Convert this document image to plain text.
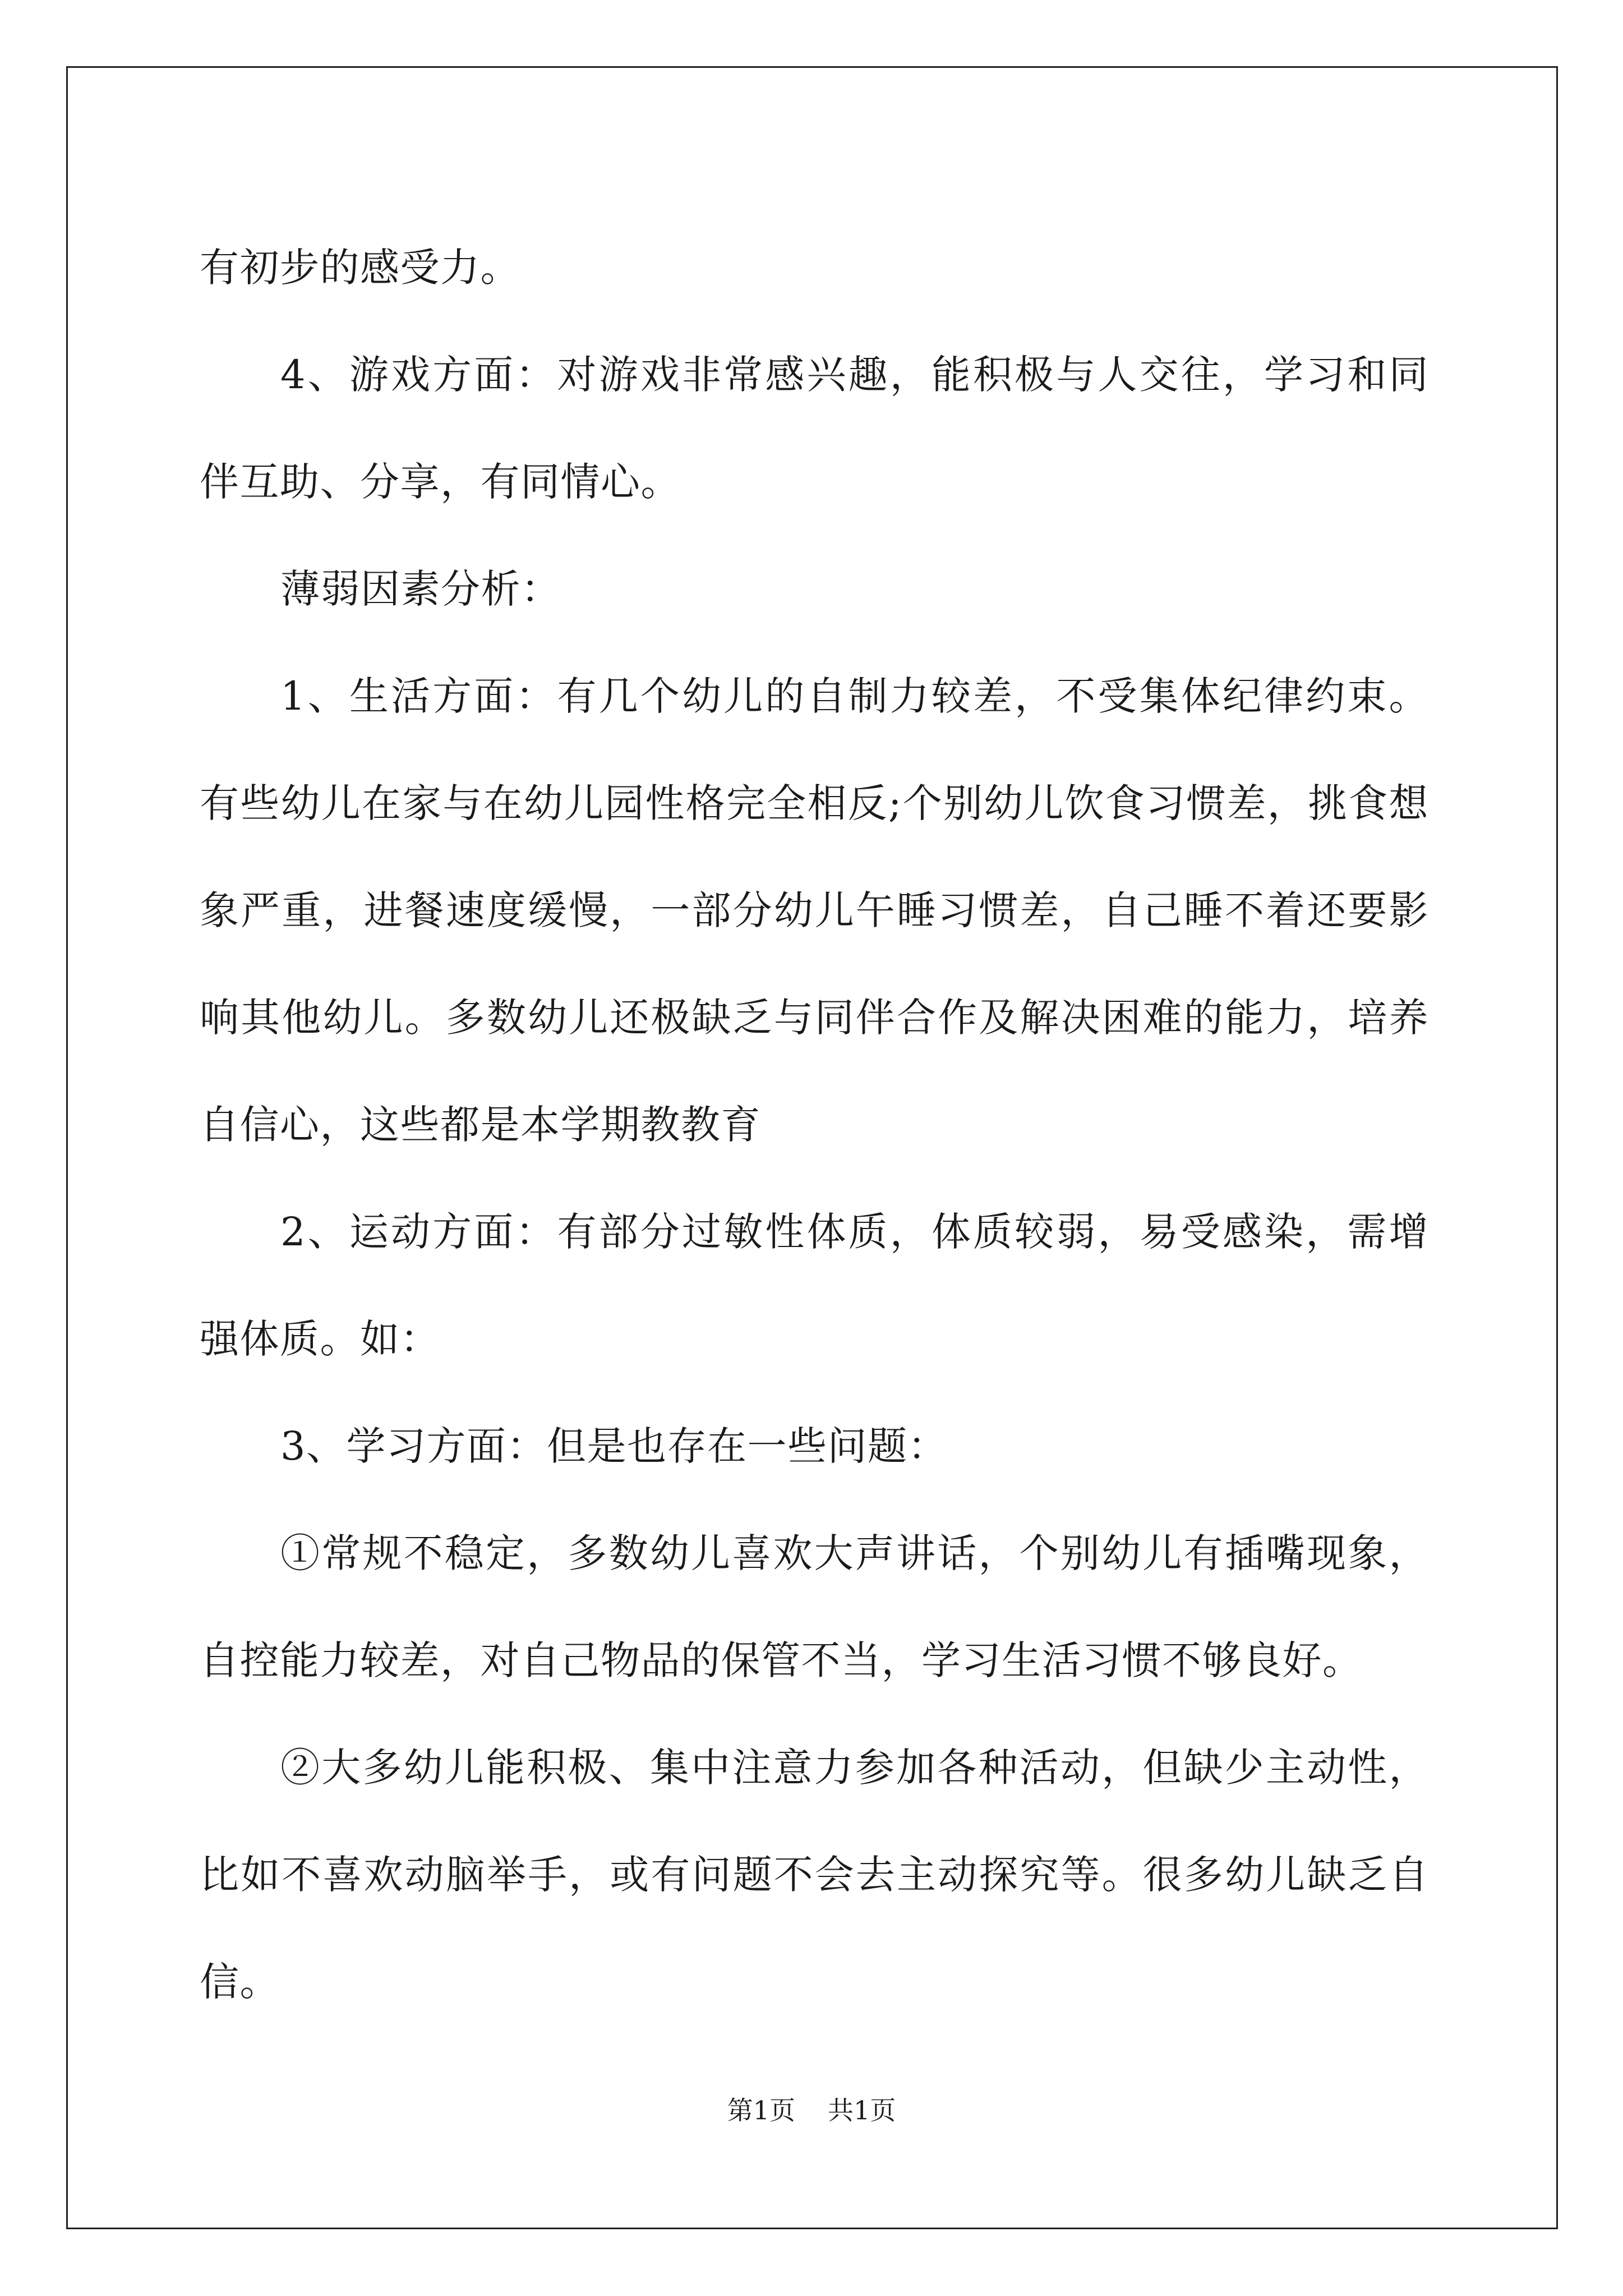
有初步的感受力。

4、游戏方面：对游戏非常感兴趣，能积极与人交往，学习和同伴互助、分享，有同情心。

薄弱因素分析：

1、生活方面：有几个幼儿的自制力较差，不受集体纪律约束。有些幼儿在家与在幼儿园性格完全相反;个别幼儿饮食习惯差，挑食想象严重，进餐速度缓慢，一部分幼儿午睡习惯差，自己睡不着还要影响其他幼儿。多数幼儿还极缺乏与同伴合作及解决困难的能力，培养自信心，这些都是本学期教教育

2、运动方面：有部分过敏性体质，体质较弱，易受感染，需增强体质。如：

3、学习方面：但是也存在一些问题：

①常规不稳定，多数幼儿喜欢大声讲话，个别幼儿有插嘴现象，自控能力较差，对自己物品的保管不当，学习生活习惯不够良好。

②大多幼儿能积极、集中注意力参加各种活动，但缺少主动性，比如不喜欢动脑举手，或有问题不会去主动探究等。很多幼儿缺乏自信。

第1页 共1页
